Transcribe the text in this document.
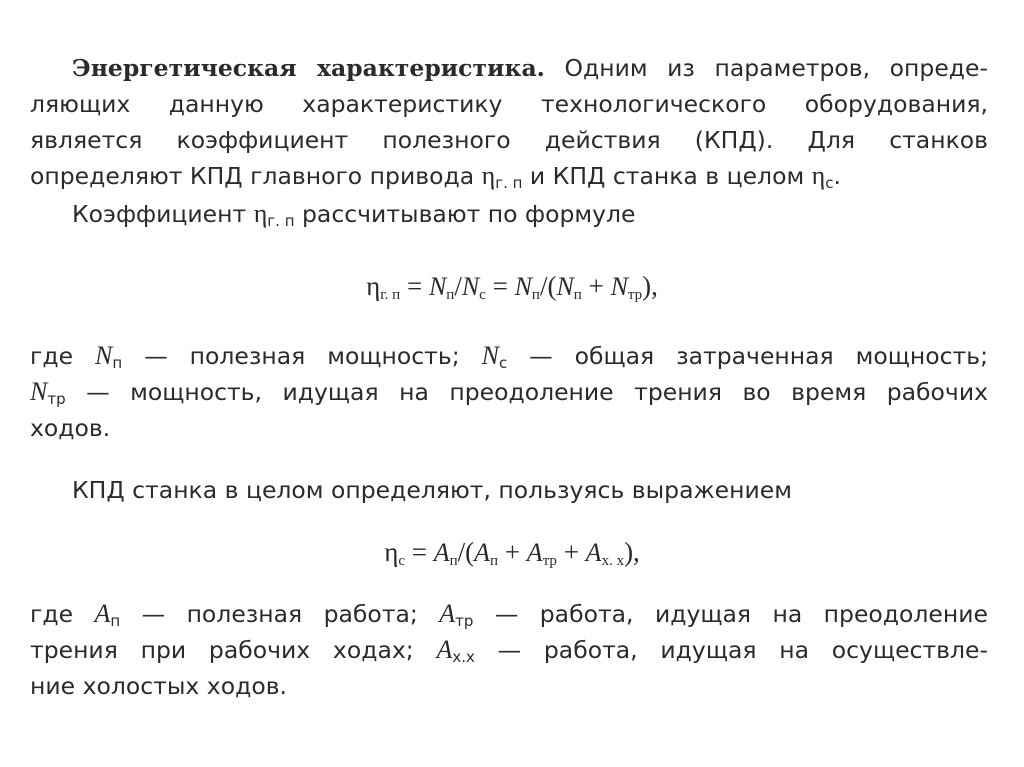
Энергетическая характеристика. Одним из параметров, опреде-
ляющих данную характеристику технологического оборудования,
является коэффициент полезного действия (КПД). Для станков
определяют КПД главного привода $\eta_{г. п}$ и КПД станка в целом $\eta_с$.
Коэффициент $\eta_{г. п}$ рассчитывают по формуле
$\eta_{г. п} = N_п/N_с = N_п/(N_п + N_{тр})$,
где $N_п$ — полезная мощность; $N_с$ — общая затраченная мощность;
$N_{тр}$ — мощность, идущая на преодоление трения во время рабочих
ходов.
КПД станка в целом определяют, пользуясь выражением
$\eta_с = A_п/(A_п + A_{тр} + A_{х. х})$,
где $A_п$ — полезная работа; $A_{тр}$ — работа, идущая на преодоление
трения при рабочих ходах; $A_{х.х}$ — работа, идущая на осуществле-
ние холостых ходов.
